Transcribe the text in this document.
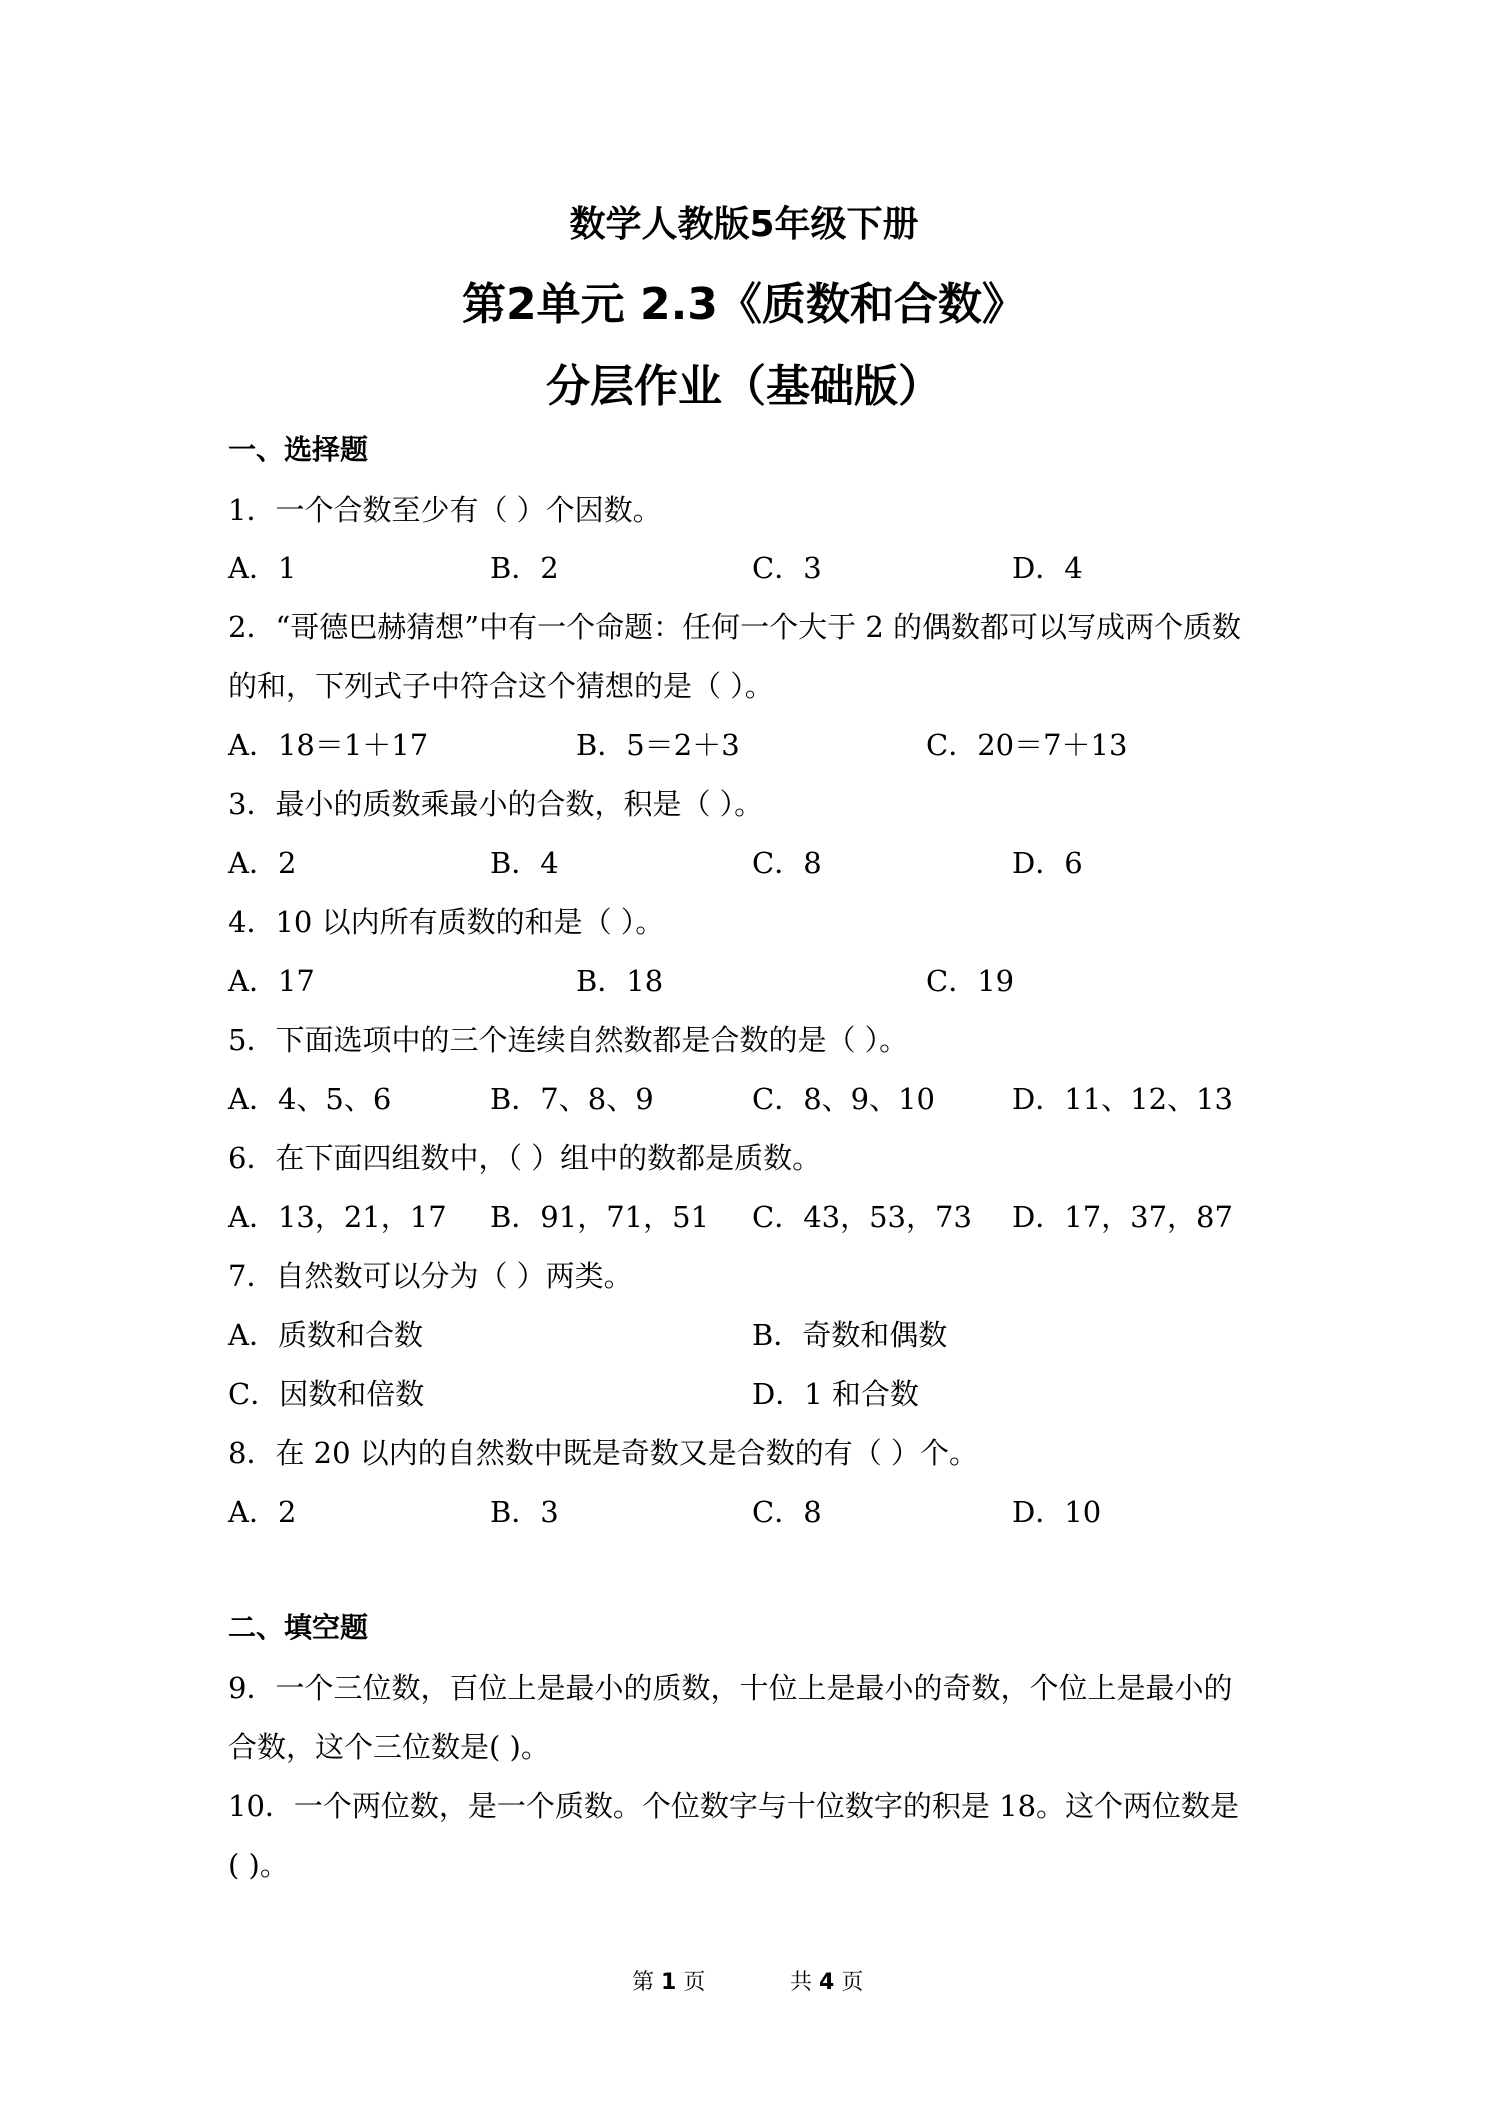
数学人教版5年级下册
第2单元 2.3《质数和合数》
分层作业（基础版）
一、选择题
1．一个合数至少有（ ）个因数。
A．1	B．2	C．3	D．4
2．“哥德巴赫猜想”中有一个命题：任何一个大于 2 的偶数都可以写成两个质数
的和，下列式子中符合这个猜想的是（ ）。
A．18＝1＋17	B．5＝2＋3	C．20＝7＋13
3．最小的质数乘最小的合数，积是（ ）。
A．2	B．4	C．8	D．6
4．10 以内所有质数的和是（ ）。
A．17	B．18	C．19
5．下面选项中的三个连续自然数都是合数的是（ ）。
A．4、5、6	B．7、8、9	C．8、9、10	D．11、12、13
6．在下面四组数中，（ ）组中的数都是质数。
A．13，21，17 B．91，71，51 C．43，53，73 D．17，37，87
7．自然数可以分为（ ）两类。
A．质数和合数	B．奇数和偶数
C．因数和倍数	D．1 和合数
8．在 20 以内的自然数中既是奇数又是合数的有（ ）个。
A．2	B．3	C．8	D．10
二、填空题
9．一个三位数，百位上是最小的质数，十位上是最小的奇数，个位上是最小的
合数，这个三位数是( )。
10．一个两位数，是一个质数。个位数字与十位数字的积是 18。这个两位数是
( )。
第 1 页	共 4 页
